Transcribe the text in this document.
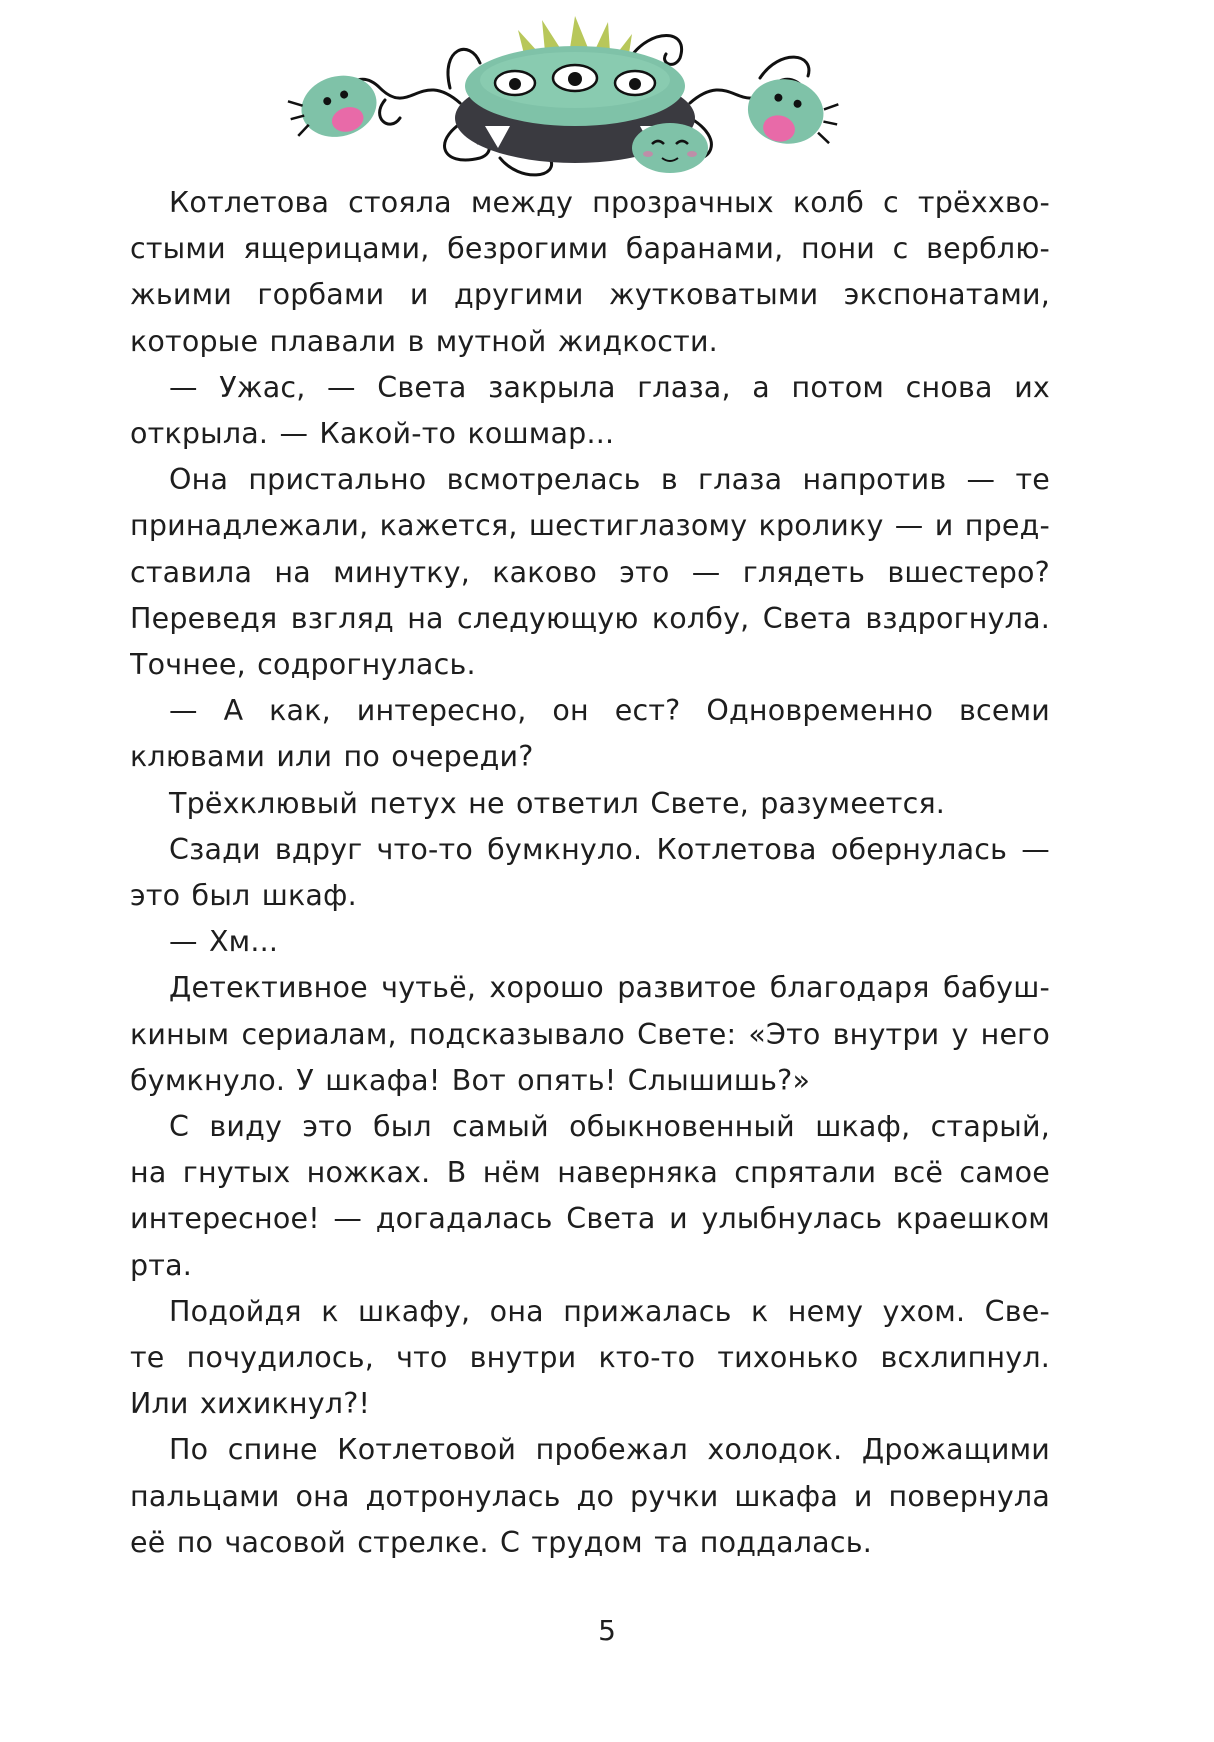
Котлетова стояла между прозрачных колб с трёххво-

стыми ящерицами, безрогими баранами, пони с верблю-

жьими горбами и другими жутковатыми экспонатами,

которые плавали в мутной жидкости.

— Ужас, — Света закрыла глаза, а потом снова их

открыла. — Какой-то кошмар...

Она пристально всмотрелась в глаза напротив — те

принадлежали, кажется, шестиглазому кролику — и пред-

ставила на минутку, каково это — глядеть вшестеро?

Переведя взгляд на следующую колбу, Света вздрогнула.

Точнее, содрогнулась.

— А как, интересно, он ест? Одновременно всеми

клювами или по очереди?

Трёхклювый петух не ответил Свете, разумеется.

Сзади вдруг что-то бумкнуло. Котлетова обернулась —

это был шкаф.

— Хм...

Детективное чутьё, хорошо развитое благодаря бабуш-

киным сериалам, подсказывало Свете: «Это внутри у него

бумкнуло. У шкафа! Вот опять! Слышишь?»

С виду это был самый обыкновенный шкаф, старый,

на гнутых ножках. В нём наверняка спрятали всё самое

интересное! — догадалась Света и улыбнулась краешком

рта.

Подойдя к шкафу, она прижалась к нему ухом. Све-

те почудилось, что внутри кто-то тихонько всхлипнул.

Или хихикнул?!

По спине Котлетовой пробежал холодок. Дрожащими

пальцами она дотронулась до ручки шкафа и повернула

её по часовой стрелке. С трудом та поддалась.

5
